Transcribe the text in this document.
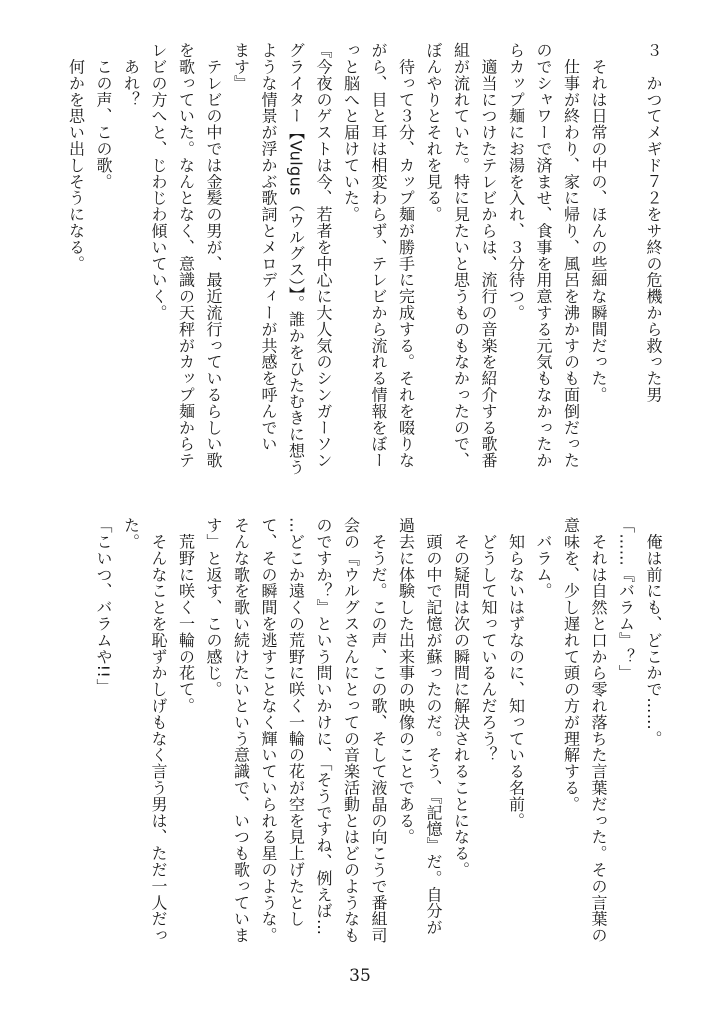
３　かつてメギド７２をサ終の危機から救った男

　それは日常の中の、ほんの些細な瞬間だった。
　仕事が終わり、家に帰り、風呂を沸かすのも面倒だった
のでシャワーで済ませ、食事を用意する元気もなかったか
らカップ麺にお湯を入れ、３分待つ。
　適当につけたテレビからは、流行の音楽を紹介する歌番
組が流れていた。特に見たいと思うものもなかったので、
ぼんやりとそれを見る。
　待って３分、カップ麺が勝手に完成する。それを啜りな
がら、目と耳は相変わらず、テレビから流れる情報をぼー
っと脳へと届けていた。
『今夜のゲストは今、若者を中心に大人気のシンガーソン
グライター【Vulgus（ウルグス）】。誰かをひたむきに想う
ような情景が浮かぶ歌詞とメロディーが共感を呼んでい
ます』
　テレビの中では金髪の男が、最近流行っているらしい歌
を歌っていた。なんとなく、意識の天秤がカップ麺からテ
レビの方へと、じわじわ傾いていく。
　あれ？
　この声、この歌。
　何かを思い出しそうになる。
　俺は前にも、どこかで……。
「……『バラム』？」
　それは自然と口から零れ落ちた言葉だった。その言葉の
意味を、少し遅れて頭の方が理解する。
　バラム。
　知らないはずなのに、知っている名前。
　どうして知っているんだろう？
　その疑問は次の瞬間に解決されることになる。
　頭の中で記憶が蘇ったのだ。そう、『記憶』だ。自分が
過去に体験した出来事の映像のことである。
　そうだ。この声、この歌、そして液晶の向こうで番組司
会の『ウルグスさんにとっての音楽活動とはどのようなも
のですか？』という問いかけに、「そうですね、例えば…
…どこか遠くの荒野に咲く一輪の花が空を見上げたとし
て、その瞬間を逃すことなく輝いていられる星のような。
そんな歌を歌い続けたいという意識で、いつも歌っていま
す」と返す、この感じ。
　荒野に咲く一輪の花て。
　そんなことを恥ずかしげもなく言う男は、ただ一人だっ
た。
「こいつ、バラムや!!」
35
